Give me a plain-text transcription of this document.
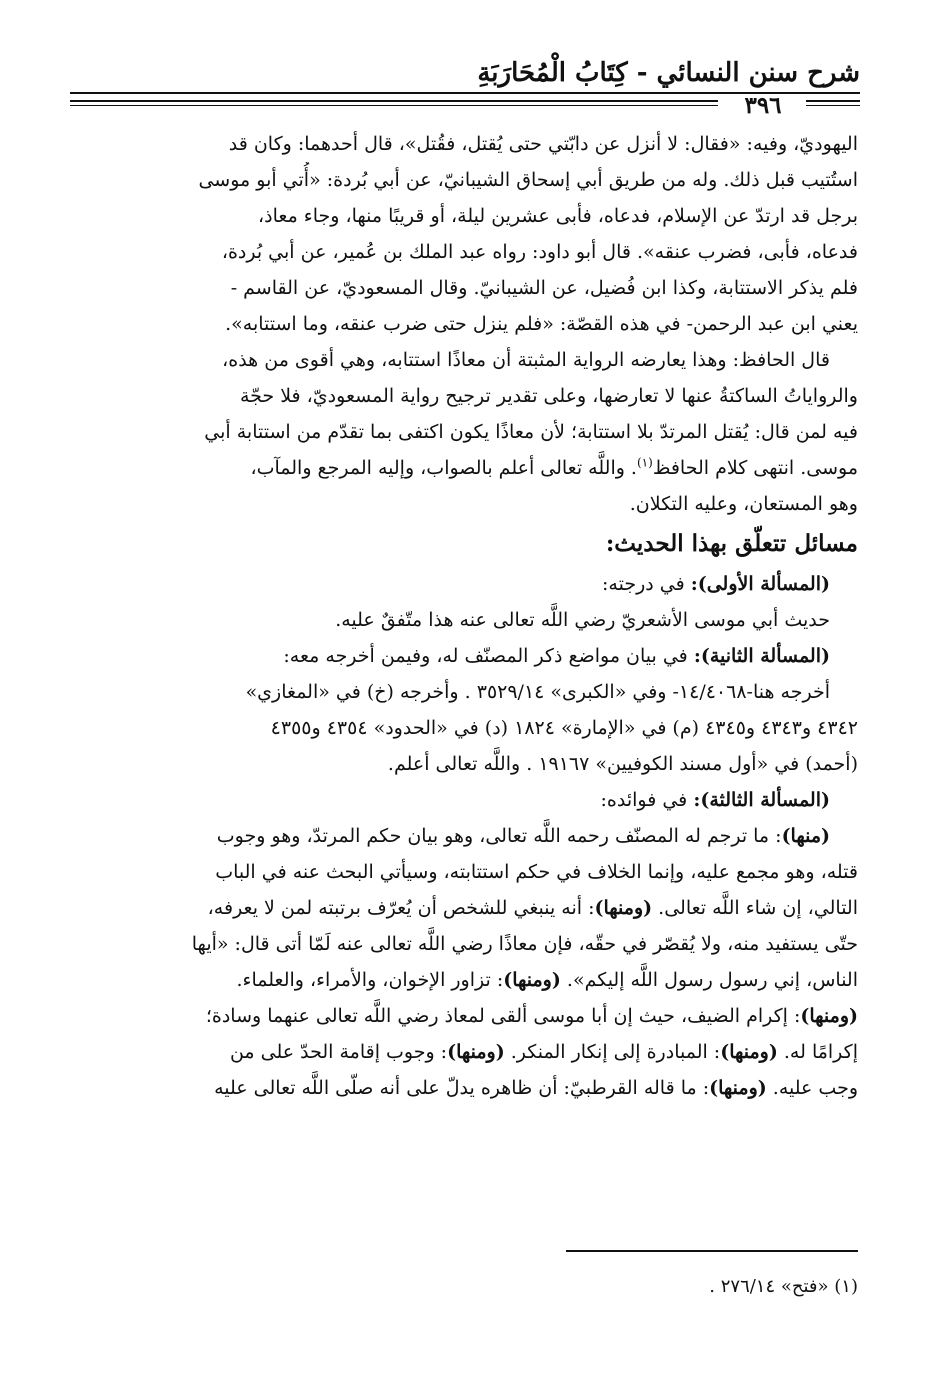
شرح سنن النسائي - كِتَابُ الْمُحَارَبَةِ
٣٩٦
اليهوديّ، وفيه: «فقال: لا أنزل عن دابّتي حتى يُقتل، فقُتل»، قال أحدهما: وكان قد
استُتيب قبل ذلك. وله من طريق أبي إسحاق الشيبانيّ، عن أبي بُردة: «أُتي أبو موسى
برجل قد ارتدّ عن الإسلام، فدعاه، فأبى عشرين ليلة، أو قريبًا منها، وجاء معاذ،
فدعاه، فأبى، فضرب عنقه». قال أبو داود: رواه عبد الملك بن عُمير، عن أبي بُردة،
فلم يذكر الاستتابة، وكذا ابن فُضيل، عن الشيبانيّ. وقال المسعوديّ، عن القاسم -
يعني ابن عبد الرحمن- في هذه القصّة: «فلم ينزل حتى ضرب عنقه، وما استتابه».
قال الحافظ: وهذا يعارضه الرواية المثبتة أن معاذًا استتابه، وهي أقوى من هذه،
والرواياتُ الساكتةُ عنها لا تعارضها، وعلى تقدير ترجيح رواية المسعوديّ، فلا حجّة
فيه لمن قال: يُقتل المرتدّ بلا استتابة؛ لأن معاذًا يكون اكتفى بما تقدّم من استتابة أبي
موسى. انتهى كلام الحافظ$^{(١)}$. واللَّه تعالى أعلم بالصواب، وإليه المرجع والمآب،
وهو المستعان، وعليه التكلان.
مسائل تتعلّق بهذا الحديث:
(المسألة الأولى): في درجته:
حديث أبي موسى الأشعريّ رضي اللَّه تعالى عنه هذا متّفقٌ عليه.
(المسألة الثانية): في بيان مواضع ذكر المصنّف له، وفيمن أخرجه معه:
أخرجه هنا-١٤/٤٠٦٨- وفي «الكبرى» ٣٥٢٩/١٤ . وأخرجه (خ) في «المغازي»
٤٣٤٢ و٤٣٤٣ و٤٣٤٥ (م) في «الإمارة» ١٨٢٤ (د) في «الحدود» ٤٣٥٤ و٤٣٥٥
(أحمد) في «أول مسند الكوفيين» ١٩١٦٧ . واللَّه تعالى أعلم.
(المسألة الثالثة): في فوائده:
(منها): ما ترجم له المصنّف رحمه اللَّه تعالى، وهو بيان حكم المرتدّ، وهو وجوب
قتله، وهو مجمع عليه، وإنما الخلاف في حكم استتابته، وسيأتي البحث عنه في الباب
التالي، إن شاء اللَّه تعالى. (ومنها): أنه ينبغي للشخص أن يُعرّف برتبته لمن لا يعرفه،
حتّى يستفيد منه، ولا يُقصّر في حقّه، فإن معاذًا رضي اللَّه تعالى عنه لَمّا أتى قال: «أيها
الناس، إني رسول رسول اللَّه إليكم». (ومنها): تزاور الإخوان، والأمراء، والعلماء.
(ومنها): إكرام الضيف، حيث إن أبا موسى ألقى لمعاذ رضي اللَّه تعالى عنهما وسادة؛
إكرامًا له. (ومنها): المبادرة إلى إنكار المنكر. (ومنها): وجوب إقامة الحدّ على من
وجب عليه. (ومنها): ما قاله القرطبيّ: أن ظاهره يدلّ على أنه صلّى اللَّه تعالى عليه
(١) «فتح» ٢٧٦/١٤ .
